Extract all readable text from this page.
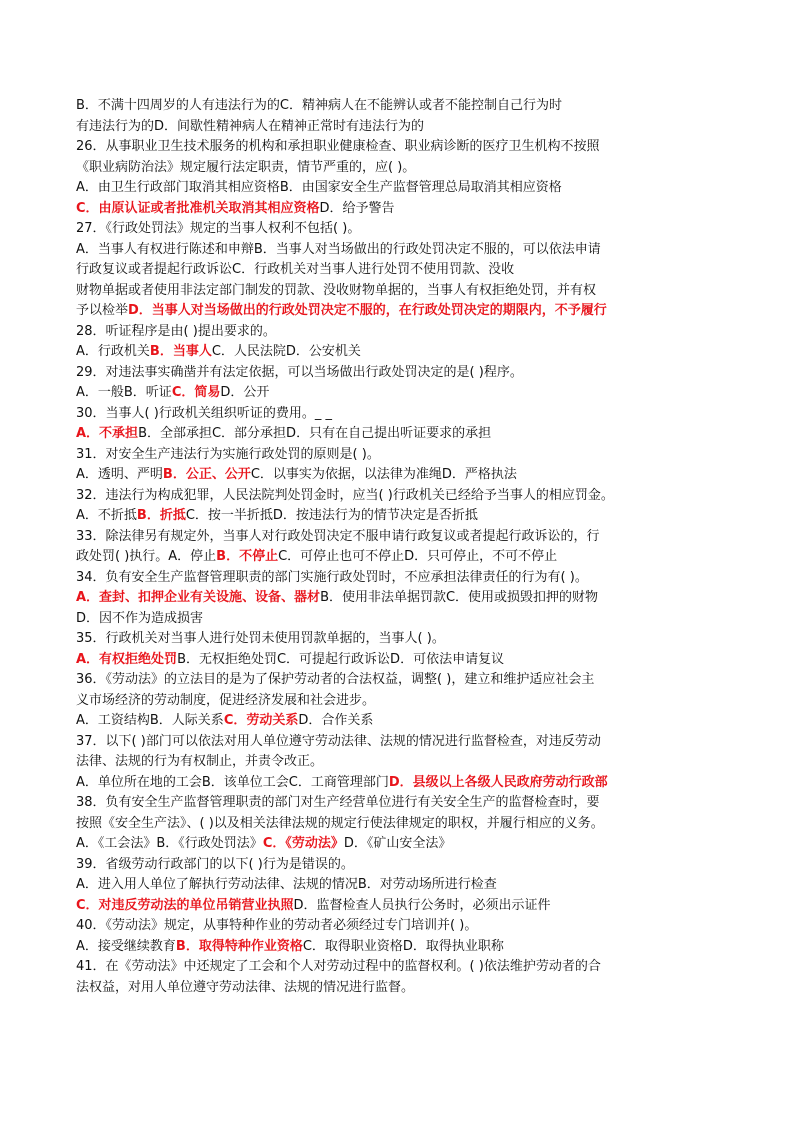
B．不满十四周岁的人有违法行为的C．精神病人在不能辨认或者不能控制自己行为时
有违法行为的D．间歇性精神病人在精神正常时有违法行为的
26．从事职业卫生技术服务的机构和承担职业健康检查、职业病诊断的医疗卫生机构不按照
《职业病防治法》规定履行法定职责，情节严重的，应( )。
A．由卫生行政部门取消其相应资格B．由国家安全生产监督管理总局取消其相应资格
C．由原认证或者批准机关取消其相应资格D．给予警告
27．《行政处罚法》规定的当事人权利不包括( )。
A．当事人有权进行陈述和申辩B．当事人对当场做出的行政处罚决定不服的，可以依法申请
行政复议或者提起行政诉讼C．行政机关对当事人进行处罚不使用罚款、没收
财物单据或者使用非法定部门制发的罚款、没收财物单据的，当事人有权拒绝处罚，并有权
予以检举D．当事人对当场做出的行政处罚决定不服的，在行政处罚决定的期限内，不予履行
28．听证程序是由( )提出要求的。
A．行政机关B．当事人C．人民法院D．公安机关
29．对违法事实确凿并有法定依据，可以当场做出行政处罚决定的是( )程序。
A．一般B．听证C．简易D．公开
30．当事人( )行政机关组织听证的费用。_ _
A．不承担B．全部承担C．部分承担D．只有在自己提出听证要求的承担
31．对安全生产违法行为实施行政处罚的原则是( )。
A．透明、严明B．公正、公开C．以事实为依据，以法律为准绳D．严格执法
32．违法行为构成犯罪，人民法院判处罚金时，应当( )行政机关已经给予当事人的相应罚金。
A．不折抵B．折抵C．按一半折抵D．按违法行为的情节决定是否折抵
33．除法律另有规定外，当事人对行政处罚决定不服申请行政复议或者提起行政诉讼的，行
政处罚( )执行。A．停止B．不停止C．可停止也可不停止D．只可停止，不可不停止
34．负有安全生产监督管理职责的部门实施行政处罚时，不应承担法律责任的行为有( )。
A．查封、扣押企业有关设施、设备、器材B．使用非法单据罚款C．使用或损毁扣押的财物
D．因不作为造成损害
35．行政机关对当事人进行处罚未使用罚款单据的，当事人( )。
A．有权拒绝处罚B．无权拒绝处罚C．可提起行政诉讼D．可依法申请复议
36．《劳动法》的立法目的是为了保护劳动者的合法权益，调整( )，建立和维护适应社会主
义市场经济的劳动制度，促进经济发展和社会进步。
A．工资结构B．人际关系C．劳动关系D．合作关系
37．以下( )部门可以依法对用人单位遵守劳动法律、法规的情况进行监督检查，对违反劳动
法律、法规的行为有权制止，并责令改正。
A．单位所在地的工会B．该单位工会C．工商管理部门D．县级以上各级人民政府劳动行政部
38．负有安全生产监督管理职责的部门对生产经营单位进行有关安全生产的监督检查时，要
按照《安全生产法》、( )以及相关法律法规的规定行使法律规定的职权，并履行相应的义务。
A．《工会法》B．《行政处罚法》C．《劳动法》D．《矿山安全法》
39．省级劳动行政部门的以下( )行为是错误的。
A．进入用人单位了解执行劳动法律、法规的情况B．对劳动场所进行检查
C．对违反劳动法的单位吊销营业执照D．监督检查人员执行公务时，必须出示证件
40．《劳动法》规定，从事特种作业的劳动者必须经过专门培训并( )。
A．接受继续教育B．取得特种作业资格C．取得职业资格D．取得执业职称
41．在《劳动法》中还规定了工会和个人对劳动过程中的监督权利。( )依法维护劳动者的合
法权益，对用人单位遵守劳动法律、法规的情况进行监督。
